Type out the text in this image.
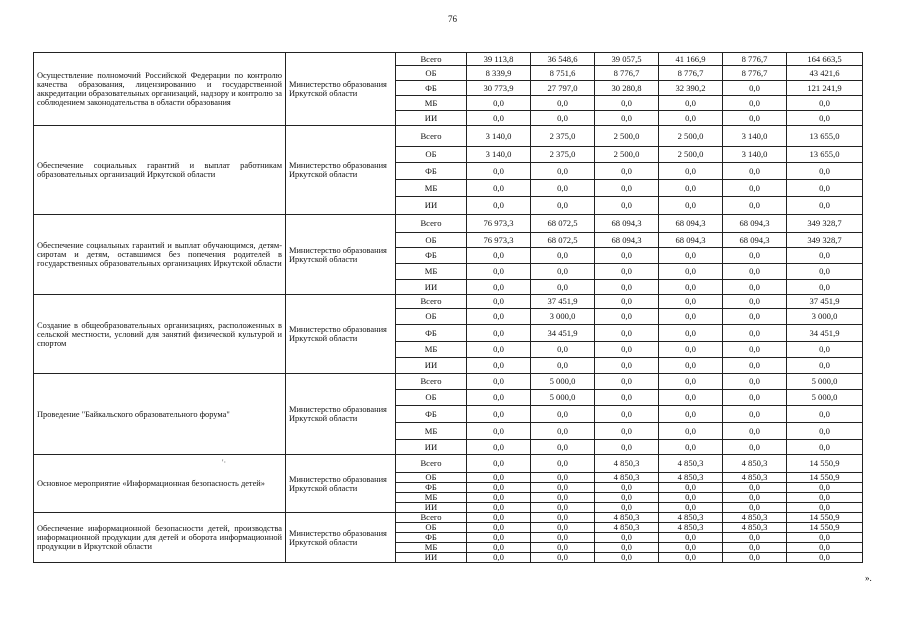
76
Осуществление полномочий Российской Федерации по контролю качества образования, лицензированию и государственной аккредитации образовательных организаций, надзору и контролю за соблюдением законодательства в области образования	Министерство образования Иркутской области	Всего	39 113,8	36 548,6	39 057,5	41 166,9	8 776,7	164 663,5
		ОБ	8 339,9	8 751,6	8 776,7	8 776,7	8 776,7	43 421,6
		ФБ	30 773,9	27 797,0	30 280,8	32 390,2	0,0	121 241,9
		МБ	0,0	0,0	0,0	0,0	0,0	0,0
		ИИ	0,0	0,0	0,0	0,0	0,0	0,0
Обеспечение социальных гарантий и выплат работникам образовательных организаций Иркутской области	Министерство образования Иркутской области	Всего	3 140,0	2 375,0	2 500,0	2 500,0	3 140,0	13 655,0
		ОБ	3 140,0	2 375,0	2 500,0	2 500,0	3 140,0	13 655,0
		ФБ	0,0	0,0	0,0	0,0	0,0	0,0
		МБ	0,0	0,0	0,0	0,0	0,0	0,0
		ИИ	0,0	0,0	0,0	0,0	0,0	0,0
Обеспечение социальных гарантий и выплат обучающимся, детям-сиротам и детям, оставшимся без попечения родителей в государственных образовательных организациях Иркутской области	Министерство образования Иркутской области	Всего	76 973,3	68 072,5	68 094,3	68 094,3	68 094,3	349 328,7
		ОБ	76 973,3	68 072,5	68 094,3	68 094,3	68 094,3	349 328,7
		ФБ	0,0	0,0	0,0	0,0	0,0	0,0
		МБ	0,0	0,0	0,0	0,0	0,0	0,0
		ИИ	0,0	0,0	0,0	0,0	0,0	0,0
Создание в общеобразовательных организациях, расположенных в сельской местности, условий для занятий физической культурой и спортом	Министерство образования Иркутской области	Всего	0,0	37 451,9	0,0	0,0	0,0	37 451,9
		ОБ	0,0	3 000,0	0,0	0,0	0,0	3 000,0
		ФБ	0,0	34 451,9	0,0	0,0	0,0	34 451,9
		МБ	0,0	0,0	0,0	0,0	0,0	0,0
		ИИ	0,0	0,0	0,0	0,0	0,0	0,0
Проведение "Байкальского образовательного форума"	Министерство образования Иркутской области	Всего	0,0	5 000,0	0,0	0,0	0,0	5 000,0
		ОБ	0,0	5 000,0	0,0	0,0	0,0	5 000,0
		ФБ	0,0	0,0	0,0	0,0	0,0	0,0
		МБ	0,0	0,0	0,0	0,0	0,0	0,0
		ИИ	0,0	0,0	0,0	0,0	0,0	0,0
Основное мероприятие «Информационная безопасность детей»	Министерство образования Иркутской области	Всего	0,0	0,0	4 850,3	4 850,3	4 850,3	14 550,9
		ОБ	0,0	0,0	4 850,3	4 850,3	4 850,3	14 550,9
		ФБ	0,0	0,0	0,0	0,0	0,0	0,0
		МБ	0,0	0,0	0,0	0,0	0,0	0,0
		ИИ	0,0	0,0	0,0	0,0	0,0	0,0
Обеспечение информационной безопасности детей, производства информационной продукции для детей и оборота информационной продукции в Иркутской области	Министерство образования Иркутской области	Всего	0,0	0,0	4 850,3	4 850,3	4 850,3	14 550,9
		ОБ	0,0	0,0	4 850,3	4 850,3	4 850,3	14 550,9
		ФБ	0,0	0,0	0,0	0,0	0,0	0,0
		МБ	0,0	0,0	0,0	0,0	0,0	0,0
		ИИ	0,0	0,0	0,0	0,0	0,0	0,0
'·
».
